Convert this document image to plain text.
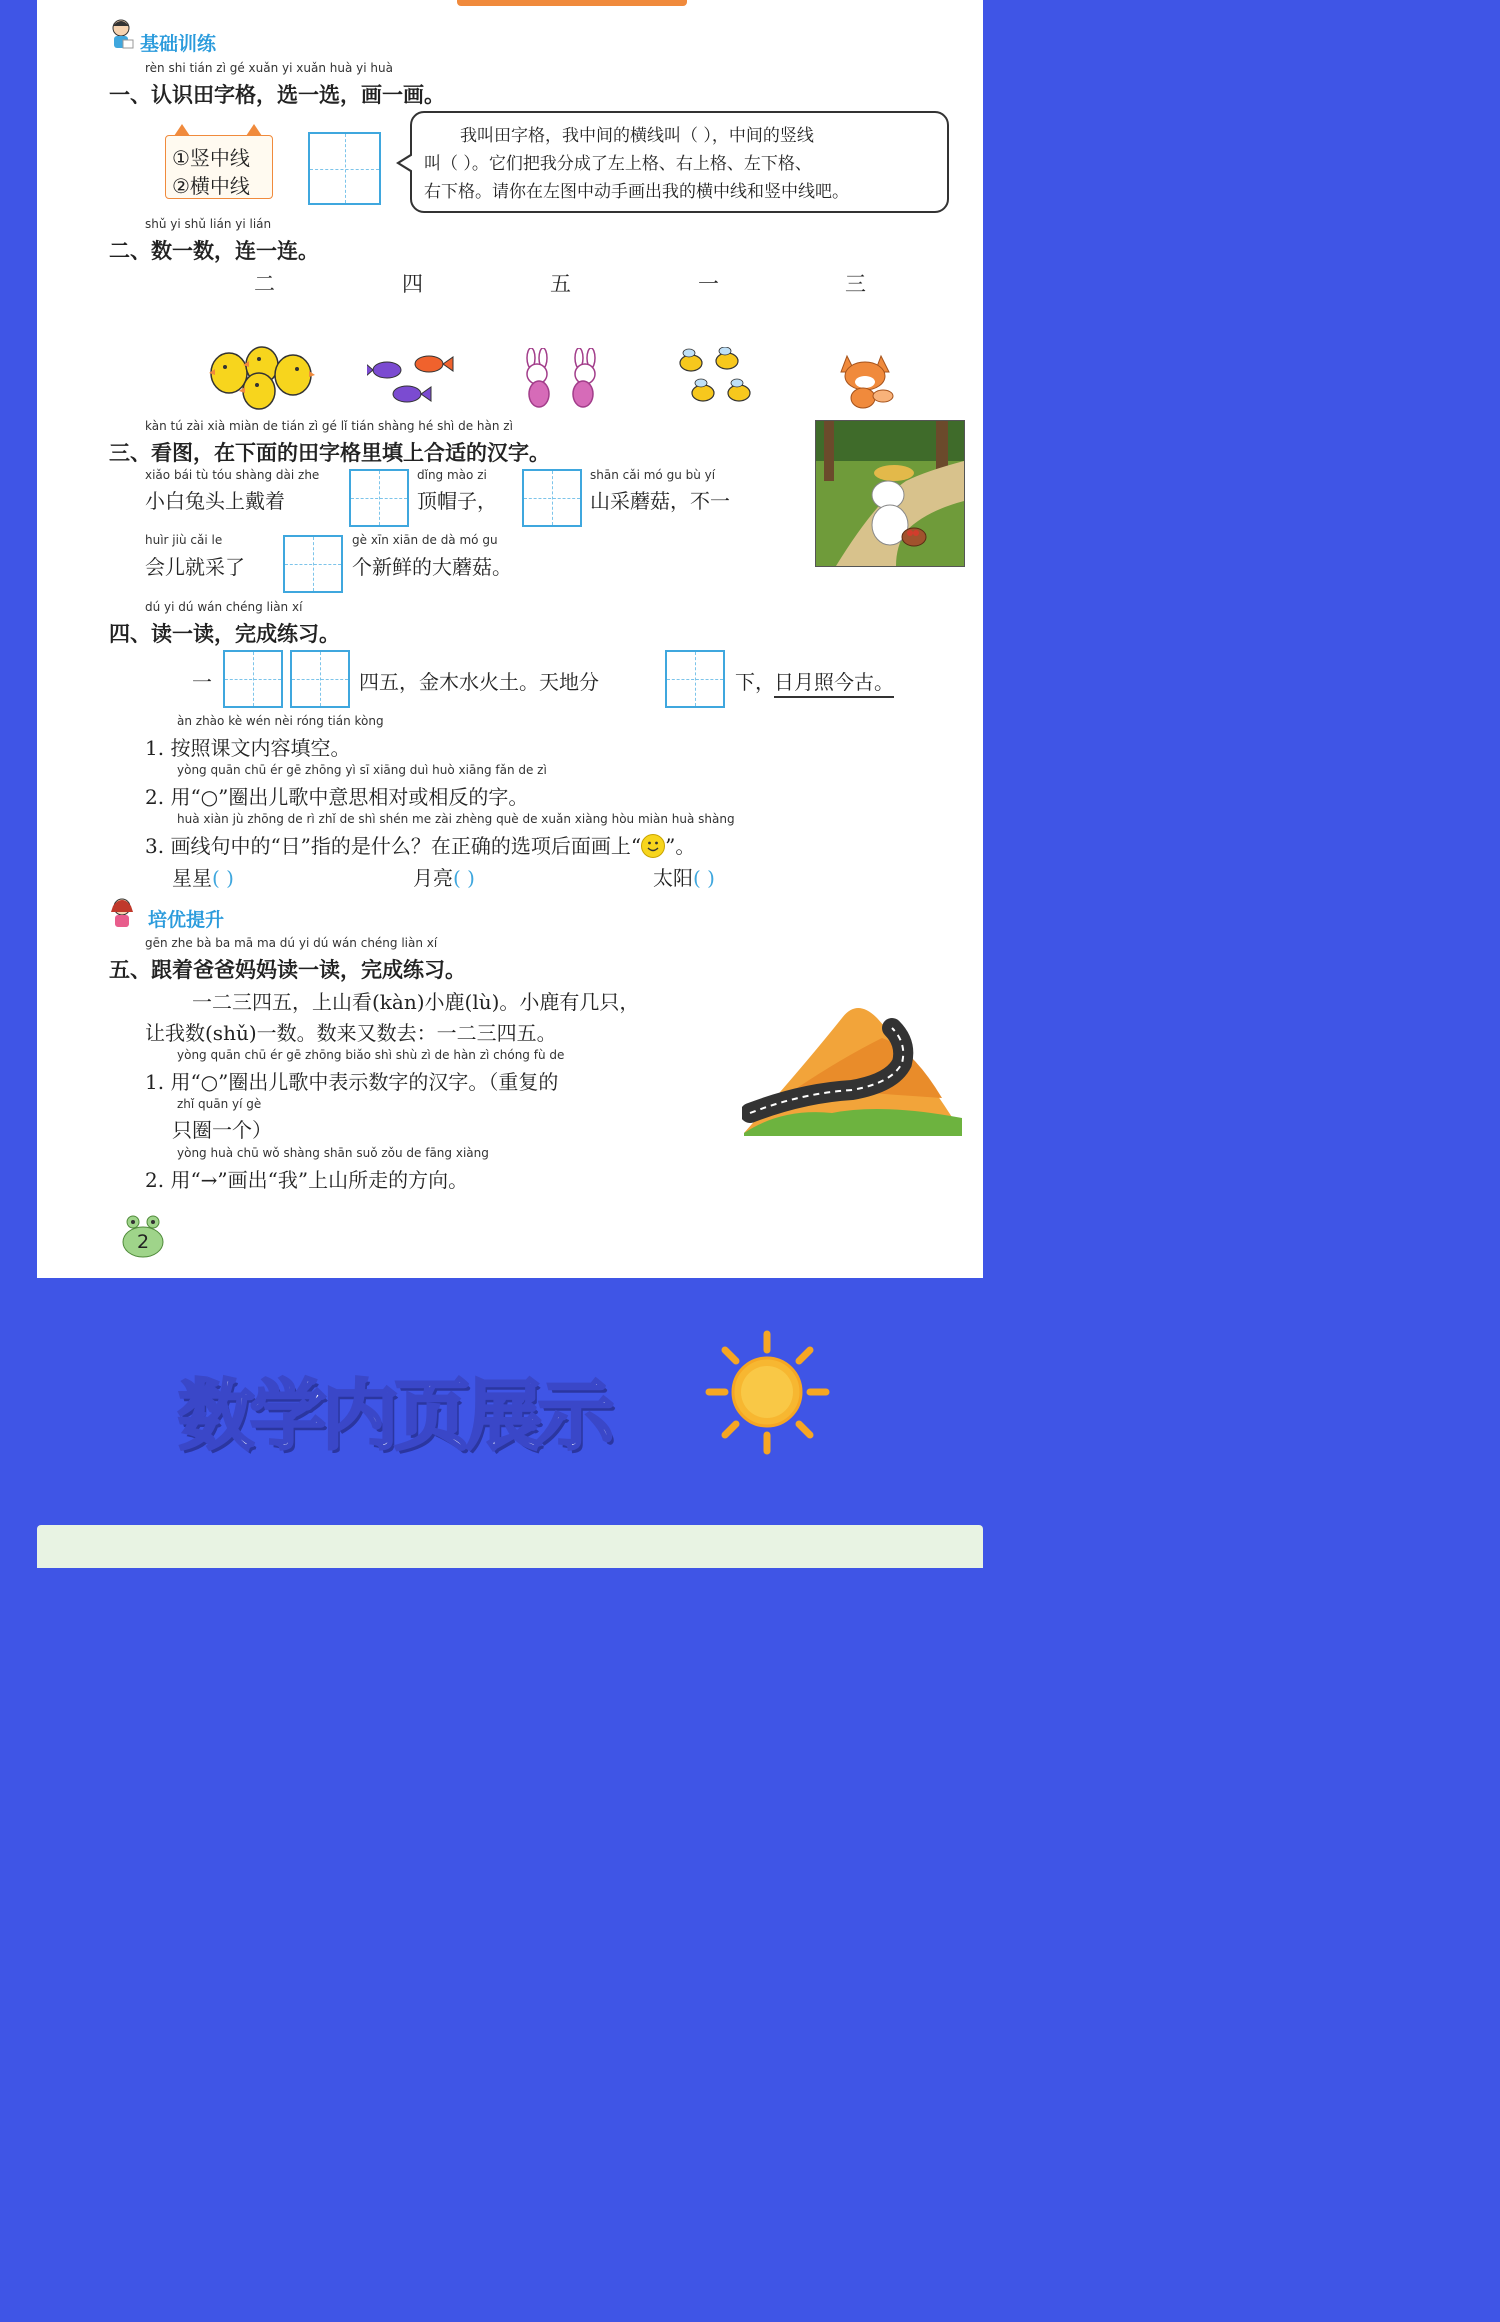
基础训练
rèn shi tián zì gé xuǎn yi xuǎn huà yi huà
一、认识田字格，选一选，画一画。
①竖中线
②横中线
我叫田字格，我中间的横线叫（ ），中间的竖线
叫（ ）。它们把我分成了左上格、右上格、左下格、
右下格。请你在左图中动手画出我的横中线和竖中线吧。
shǔ yi shǔ lián yi lián
二、数一数，连一连。
二	四	五	一	三
kàn tú zài xià miàn de tián zì gé lǐ tián shàng hé shì de hàn zì
三、看图，在下面的田字格里填上合适的汉字。
xiǎo bái tù tóu shàng dài zhe
小白兔头上戴着
dǐng mào zi
顶帽子，
shān cǎi mó gu bù yí
山采蘑菇，不一
huìr jiù cǎi le
会儿就采了
gè xīn xiān de dà mó gu
个新鲜的大蘑菇。
dú yi dú wán chéng liàn xí
四、读一读，完成练习。
一	四五，金木水火土。天地分	下， 日月照今古。
àn zhào kè wén nèi róng tián kòng
1. 按照课文内容填空。
yòng quān chū ér gē zhōng yì sī xiāng duì huò xiāng fǎn de zì
2. 用“○”圈出儿歌中意思相对或相反的字。
huà xiàn jù zhōng de rì zhǐ de shì shén me zài zhèng què de xuǎn xiàng hòu miàn huà shàng
3. 画线句中的“日”指的是什么？在正确的选项后面画上“ ”。
星星( )	月亮( )	太阳( )
培优提升
gēn zhe bà ba mā ma dú yi dú wán chéng liàn xí
五、跟着爸爸妈妈读一读，完成练习。
一二三四五，上山看(kàn)小鹿(lù)。小鹿有几只，
让我数(shǔ)一数。数来又数去：一二三四五。
yòng quān chū ér gē zhōng biǎo shì shù zì de hàn zì chóng fù de
1. 用“○”圈出儿歌中表示数字的汉字。（重复的
zhǐ quān yí gè
只圈一个）
yòng huà chū wǒ shàng shān suǒ zǒu de fāng xiàng
2. 用“→”画出“我”上山所走的方向。
2
数学内页展示
